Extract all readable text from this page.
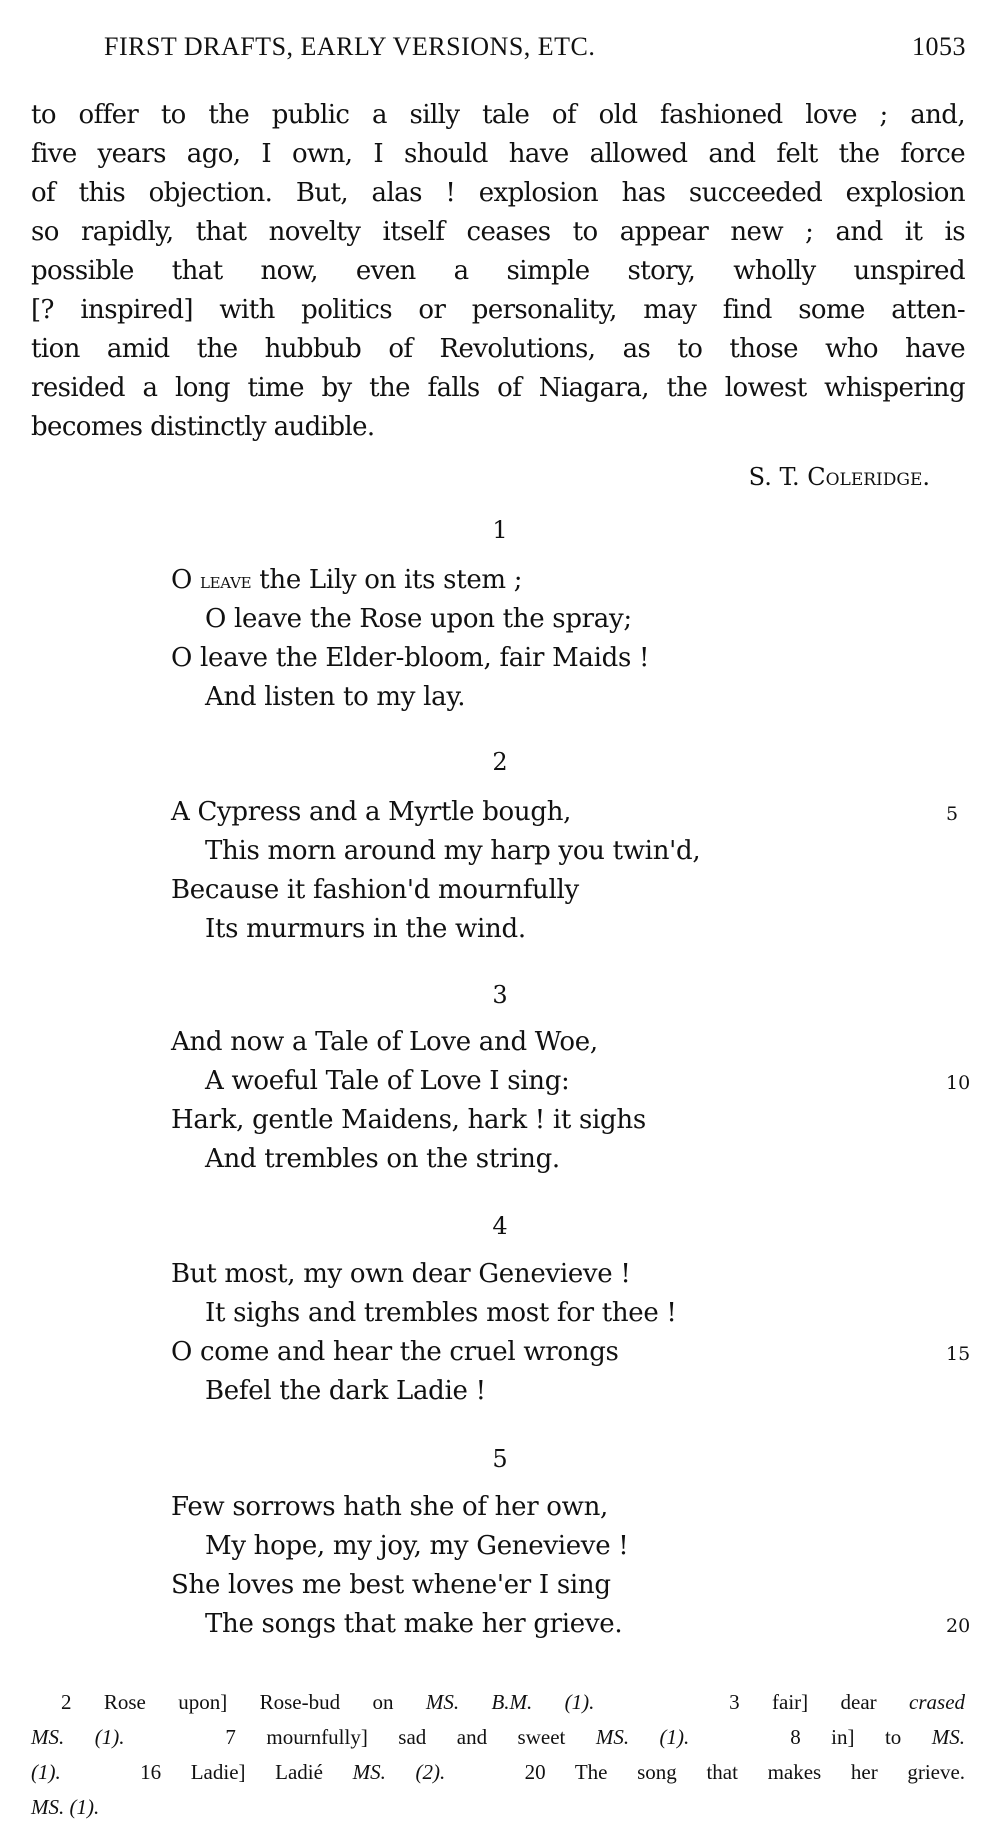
FIRST DRAFTS, EARLY VERSIONS, ETC.	1053
to offer to the public a silly tale of old fashioned love ; and,
five years ago, I own, I should have allowed and felt the force
of this objection. But, alas ! explosion has succeeded explosion
so rapidly, that novelty itself ceases to appear new ; and it is
possible that now, even a simple story, wholly unspired
[? inspired] with politics or personality, may find some atten-
tion amid the hubbub of Revolutions, as to those who have
resided a long time by the falls of Niagara, the lowest whispering
becomes distinctly audible.
S. T. Coleridge.
1
O leave the Lily on its stem ;
O leave the Rose upon the spray;
O leave the Elder-bloom, fair Maids !
And listen to my lay.
2
A Cypress and a Myrtle bough,	5
This morn around my harp you twin'd,
Because it fashion'd mournfully
Its murmurs in the wind.
3
And now a Tale of Love and Woe,
A woeful Tale of Love I sing:	10
Hark, gentle Maidens, hark ! it sighs
And trembles on the string.
4
But most, my own dear Genevieve !
It sighs and trembles most for thee !
O come and hear the cruel wrongs	15
Befel the dark Ladie !
5
Few sorrows hath she of her own,
My hope, my joy, my Genevieve !
She loves me best whene'er I sing
The songs that make her grieve.	20
2 Rose upon] Rose-bud on MS. B.M. (1).	3 fair] dear crased
MS. (1).	7 mournfully] sad and sweet MS. (1).	8 in] to MS.
(1).	16 Ladie] Ladié MS. (2).	20 The song that makes her grieve.
MS. (1).
